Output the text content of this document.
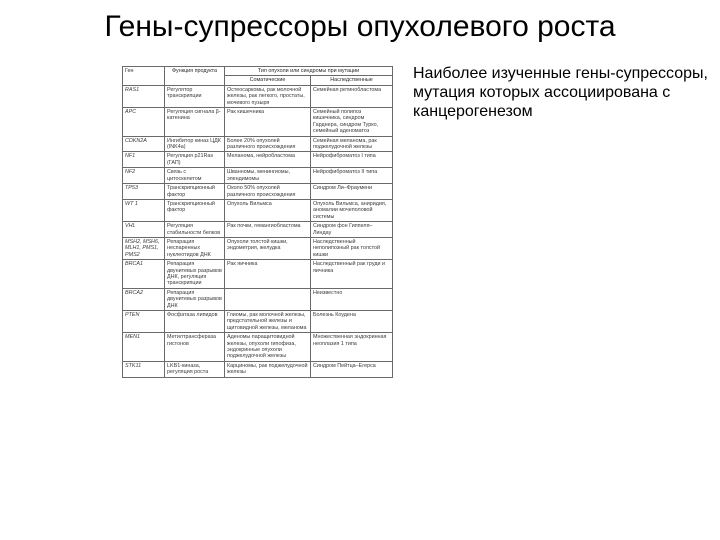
Гены-супрессоры опухолевого роста
Ген	Функция продукта	Тип опухоли или синдромы при мутации	
		Соматические	Наследственные
RAS1	Регулятор транскрипции	Остеосаркомы, рак молочной железы, рак легкого, простаты, мочевого пузыря	Семейная ретинобластома
APC	Регуляция сигнала β-катенина	Рак кишечника	Семейный полипоз кишечника, синдром Гарднера, синдром Турко, семейный аденоматоз
CDKN2A	Ингибитор киназ ЦДК (INK4a)	Более 20% опухолей различного происхождения	Семейная меланома, рак поджелудочной железы
NF1	Регуляция р21Ras (ГАП)	Меланома, нейробластома	Нейрофиброматоз I типа
NF2	Связь с цитоскелетом	Шванномы, менингиомы, эпендимомы	Нейрофиброматоз II типа
TP53	Транскрипционный фактор	Около 50% опухолей различного происхождения	Синдром Ли–Фраумени
WT 1	Транскрипционный фактор	Опухоль Вильмса	Опухоль Вильмса, аниридия, аномалии мочеполовой системы
VHL	Регуляция стабильности белков	Рак почки, гемангиобластома	Синдром фон Гиппеля–Линдау
MSH2, MSH6, MLH1, PMS1, PMS2	Репарация неспаренных нуклеотидов ДНК	Опухоли толстой кишки, эндометрия, желудка	Наследственный неполипозный рак толстой кишки
BRCA1	Репарация двунитевых разрывов ДНК, регуляция транскрипции	Рак яичника	Наследственный рак груди и яичника
BRCA2	Репарация двунитевых разрывов ДНК		Неизвестно
PTEN	Фосфатаза липидов	Глиомы, рак молочной железы, предстательной железы и щитовидной железы, меланома	Болезнь Коудена
MEN1	Метилтрансфераза гистонов	Аденомы паращитовидной железы, опухоли гипофиза, эндокринные опухоли поджелудочной железы	Множественная эндокринная неоплазия 1 типа
STK11	LKB1-киназа, регуляция роста	Карциномы, рак поджелудочной железы	Синдром Пейтца–Егерса
Наиболее изученные гены-супрессоры, мутация которых ассоциирована с канцерогенезом
